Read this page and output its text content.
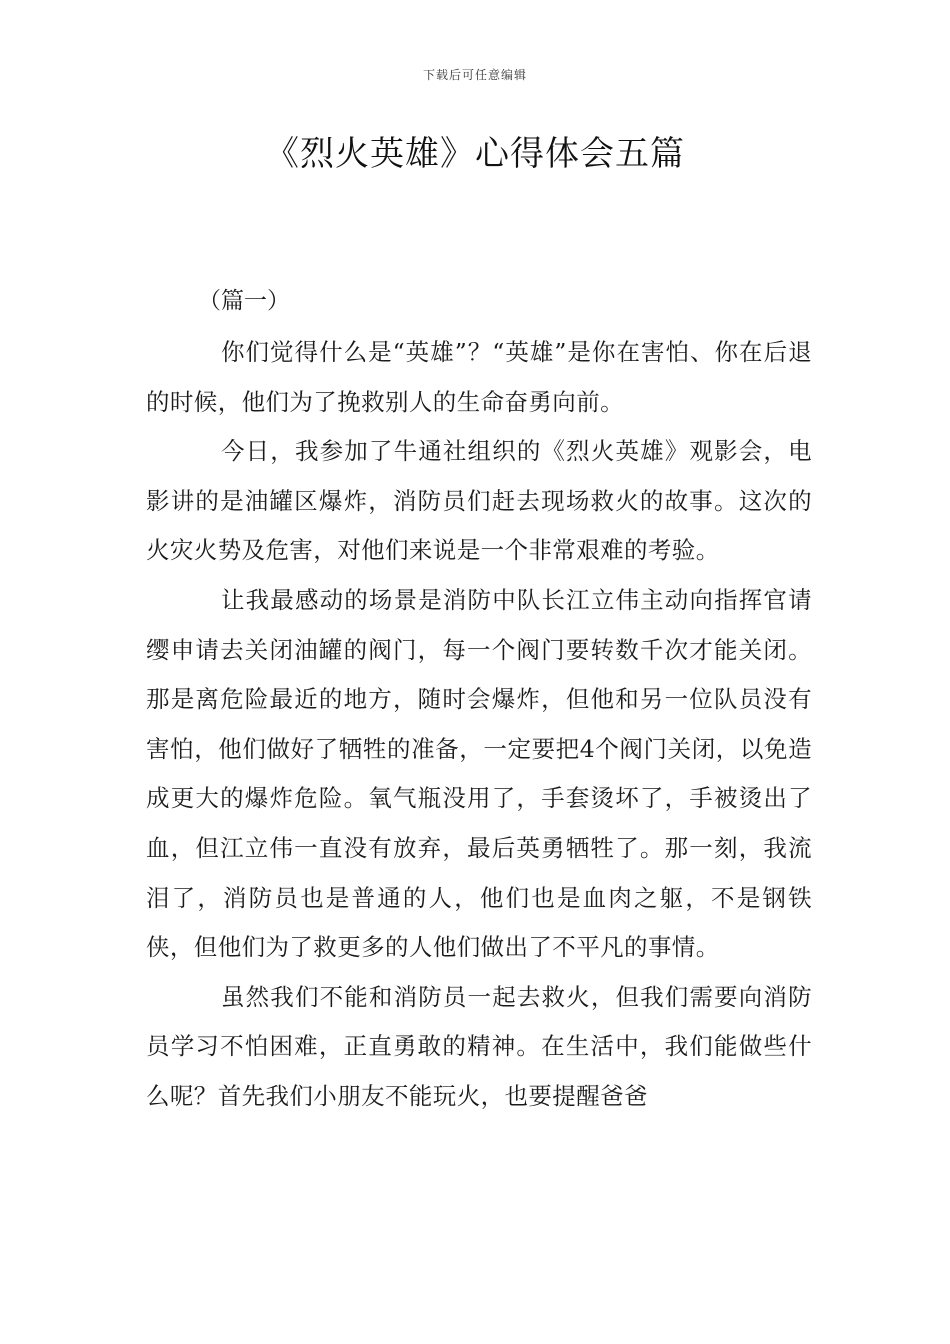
下载后可任意编辑
《烈火英雄》心得体会五篇
（篇一）

你们觉得什么是“英雄”？“英雄”是你在害怕、你在后退的时候，他们为了挽救别人的生命奋勇向前。

今日，我参加了牛通社组织的《烈火英雄》观影会，电影讲的是油罐区爆炸，消防员们赶去现场救火的故事。这次的火灾火势及危害，对他们来说是一个非常艰难的考验。

让我最感动的场景是消防中队长江立伟主动向指挥官请缨申请去关闭油罐的阀门，每一个阀门要转数千次才能关闭。那是离危险最近的地方，随时会爆炸，但他和另一位队员没有害怕，他们做好了牺牲的准备，一定要把4个阀门关闭，以免造成更大的爆炸危险。氧气瓶没用了，手套烫坏了，手被烫出了血，但江立伟一直没有放弃，最后英勇牺牲了。那一刻，我流泪了，消防员也是普通的人，他们也是血肉之躯，不是钢铁侠，但他们为了救更多的人他们做出了不平凡的事情。

虽然我们不能和消防员一起去救火，但我们需要向消防员学习不怕困难，正直勇敢的精神。在生活中，我们能做些什么呢？首先我们小朋友不能玩火，也要提醒爸爸
